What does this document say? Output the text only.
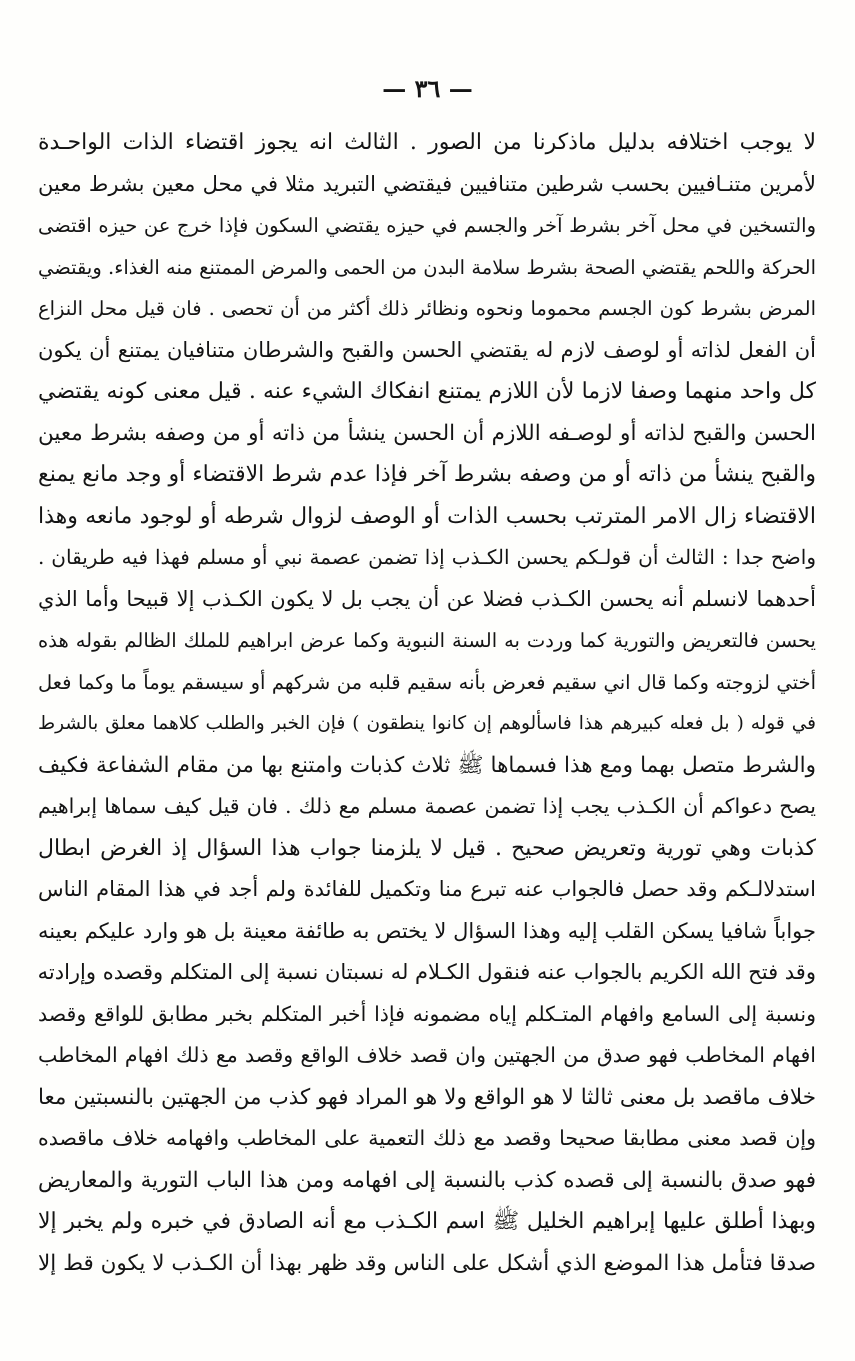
— ٣٦ —
لا يوجب اختلافه بدليل ماذكرنا من الصور . الثالث انه يجوز اقتضاء الذات الواحـدة
لأمرين متنـافيين بحسب شرطين متنافيين فيقتضي التبريد مثلا في محل معين بشرط معين
والتسخين في محل آخر بشرط آخر والجسم في حيزه يقتضي السكون فإذا خرج عن حيزه اقتضى
الحركة واللحم يقتضي الصحة بشرط سلامة البدن من الحمى والمرض الممتنع منه الغذاء. ويقتضي
المرض بشرط كون الجسم محموما ونحوه ونظائر ذلك أكثر من أن تحصى . فان قيل محل النزاع
أن الفعل لذاته أو لوصف لازم له يقتضي الحسن والقبح والشرطان متنافيان يمتنع أن يكون
كل واحد منهما وصفا لازما لأن اللازم يمتنع انفكاك الشيء عنه . قيل معنى كونه يقتضي
الحسن والقبح لذاته أو لوصـفه اللازم أن الحسن ينشأ من ذاته أو من وصفه بشرط معين
والقبح ينشأ من ذاته أو من وصفه بشرط آخر فإذا عدم شرط الاقتضاء أو وجد مانع يمنع
الاقتضاء زال الامر المترتب بحسب الذات أو الوصف لزوال شرطه أو لوجود مانعه وهذا
واضح جدا : الثالث أن قولـكم يحسن الكـذب إذا تضمن عصمة نبي أو مسلم فهذا فيه طريقان .
أحدهما لانسلم أنه يحسن الكـذب فضلا عن أن يجب بل لا يكون الكـذب إلا قبيحا وأما الذي
يحسن فالتعريض والتورية كما وردت به السنة النبوية وكما عرض ابراهيم للملك الظالم بقوله هذه
أختي لزوجته وكما قال اني سقيم فعرض بأنه سقيم قلبه من شركهم أو سيسقم يوماً ما وكما فعل
في قوله ( بل فعله كبيرهم هذا فاسألوهم إن كانوا ينطقون ) فإن الخبر والطلب كلاهما معلق بالشرط
والشرط متصل بهما ومع هذا فسماها ﷺ ثلاث كذبات وامتنع بها من مقام الشفاعة فكيف
يصح دعواكم أن الكـذب يجب إذا تضمن عصمة مسلم مع ذلك . فان قيل كيف سماها إبراهيم
كذبات وهي تورية وتعريض صحيح . قيل لا يلزمنا جواب هذا السؤال إذ الغرض ابطال
استدلالـكم وقد حصل فالجواب عنه تبرع منا وتكميل للفائدة ولم أجد في هذا المقام الناس
جواباً شافيا يسكن القلب إليه وهذا السؤال لا يختص به طائفة معينة بل هو وارد عليكم بعينه
وقد فتح الله الكريم بالجواب عنه فنقول الكـلام له نسبتان نسبة إلى المتكلم وقصده وإرادته
ونسبة إلى السامع وافهام المتـكلم إياه مضمونه فإذا أخبر المتكلم بخبر مطابق للواقع وقصد
افهام المخاطب فهو صدق من الجهتين وان قصد خلاف الواقع وقصد مع ذلك افهام المخاطب
خلاف ماقصد بل معنى ثالثا لا هو الواقع ولا هو المراد فهو كذب من الجهتين بالنسبتين معا
وإن قصد معنى مطابقا صحيحا وقصد مع ذلك التعمية على المخاطب وافهامه خلاف ماقصده
فهو صدق بالنسبة إلى قصده كذب بالنسبة إلى افهامه ومن هذا الباب التورية والمعاريض
وبهذا أطلق عليها إبراهيم الخليل ﷺ اسم الكـذب مع أنه الصادق في خبره ولم يخبر إلا
صدقا فتأمل هذا الموضع الذي أشكل على الناس وقد ظهر بهذا أن الكـذب لا يكون قط إلا
